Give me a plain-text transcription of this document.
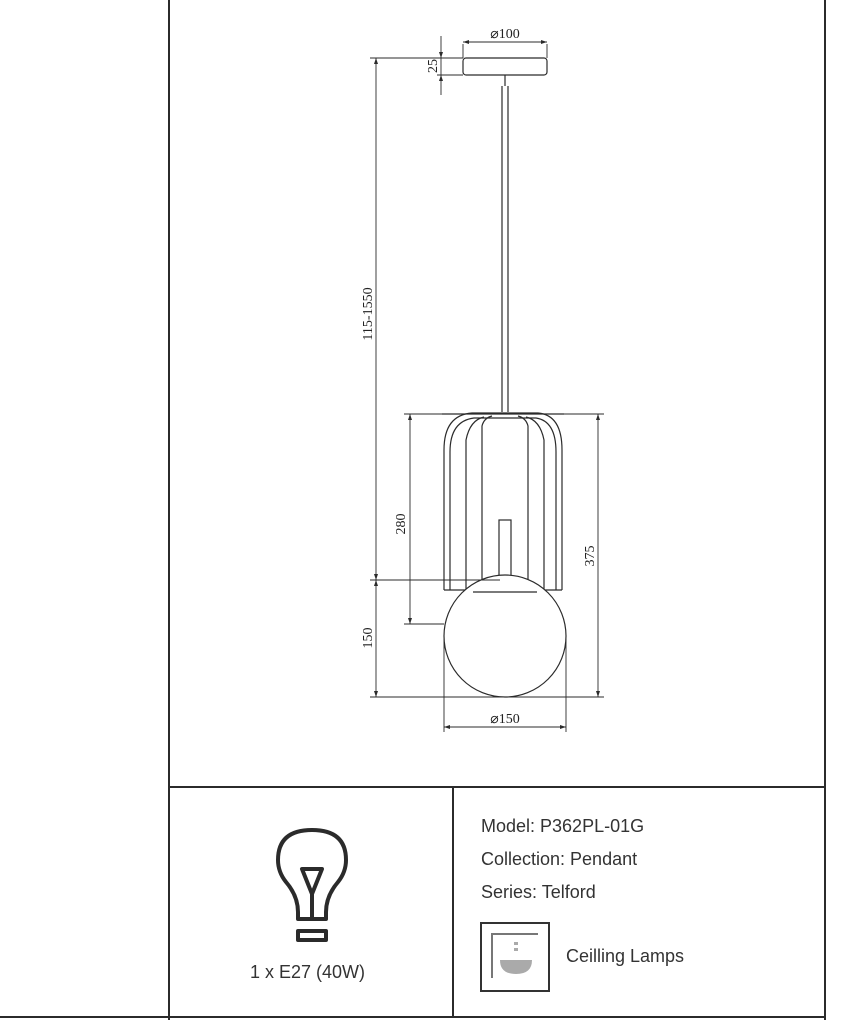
⌀100
25
115-1550
280
375
150
⌀150
1 x E27 (40W)
Model: P362PL-01G
Collection: Pendant
Series: Telford
Ceilling Lamps
